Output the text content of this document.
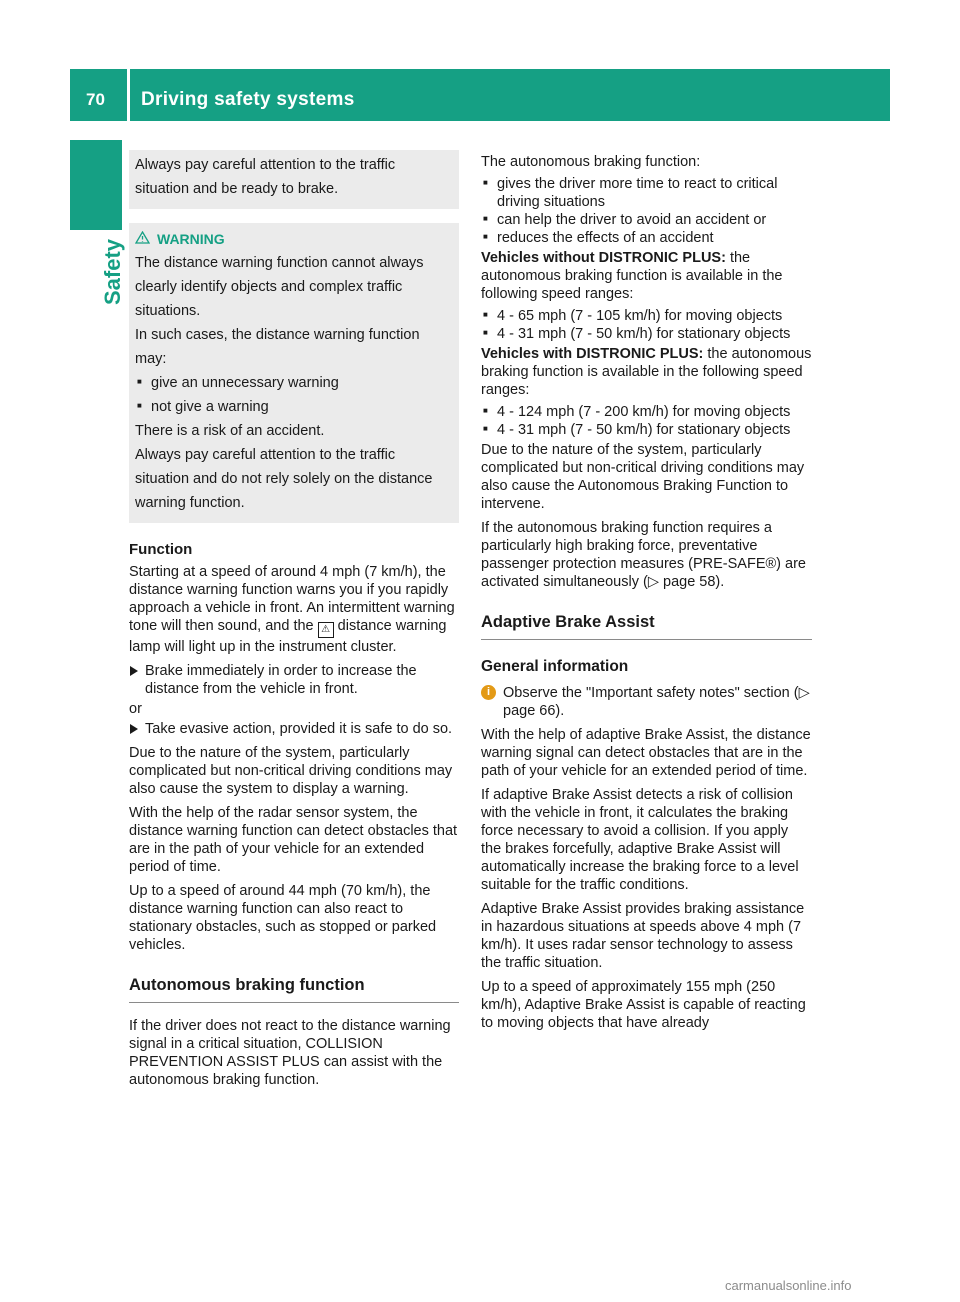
70 Driving safety systems
Safety

Always pay careful attention to the traffic situation and be ready to brake.

WARNING

The distance warning function cannot always clearly identify objects and complex traffic situations.

In such cases, the distance warning function may:

■ give an unnecessary warning
■ not give a warning

There is a risk of an accident.

Always pay careful attention to the traffic situation and do not rely solely on the distance warning function.

Function

Starting at a speed of around 4 mph (7 km/h), the distance warning function warns you if you rapidly approach a vehicle in front. An intermittent warning tone will then sound, and the ⚠ distance warning lamp will light up in the instrument cluster.

Brake immediately in order to increase the distance from the vehicle in front.

or

Take evasive action, provided it is safe to do so.

Due to the nature of the system, particularly complicated but non-critical driving conditions may also cause the system to display a warning.

With the help of the radar sensor system, the distance warning function can detect obstacles that are in the path of your vehicle for an extended period of time.

Up to a speed of around 44 mph (70 km/h), the distance warning function can also react to stationary obstacles, such as stopped or parked vehicles.

Autonomous braking function

If the driver does not react to the distance warning signal in a critical situation, COLLISION PREVENTION ASSIST PLUS can assist with the autonomous braking function.

The autonomous braking function:

■ gives the driver more time to react to critical driving situations
■ can help the driver to avoid an accident or
■ reduces the effects of an accident

Vehicles without DISTRONIC PLUS: the autonomous braking function is available in the following speed ranges:

■ 4 - 65 mph (7 - 105 km/h) for moving objects
■ 4 - 31 mph (7 - 50 km/h) for stationary objects

Vehicles with DISTRONIC PLUS: the autonomous braking function is available in the following speed ranges:

■ 4 - 124 mph (7 - 200 km/h) for moving objects
■ 4 - 31 mph (7 - 50 km/h) for stationary objects

Due to the nature of the system, particularly complicated but non-critical driving conditions may also cause the Autonomous Braking Function to intervene.

If the autonomous braking function requires a particularly high braking force, preventative passenger protection measures (PRE-SAFE®) are activated simultaneously (▷ page 58).

Adaptive Brake Assist
General information

i Observe the "Important safety notes" section (▷ page 66).

With the help of adaptive Brake Assist, the distance warning signal can detect obstacles that are in the path of your vehicle for an extended period of time.

If adaptive Brake Assist detects a risk of collision with the vehicle in front, it calculates the braking force necessary to avoid a collision. If you apply the brakes forcefully, adaptive Brake Assist will automatically increase the braking force to a level suitable for the traffic conditions.

Adaptive Brake Assist provides braking assistance in hazardous situations at speeds above 4 mph (7 km/h). It uses radar sensor technology to assess the traffic situation.

Up to a speed of approximately 155 mph (250 km/h), Adaptive Brake Assist is capable of reacting to moving objects that have already

carmanualsonline.info
